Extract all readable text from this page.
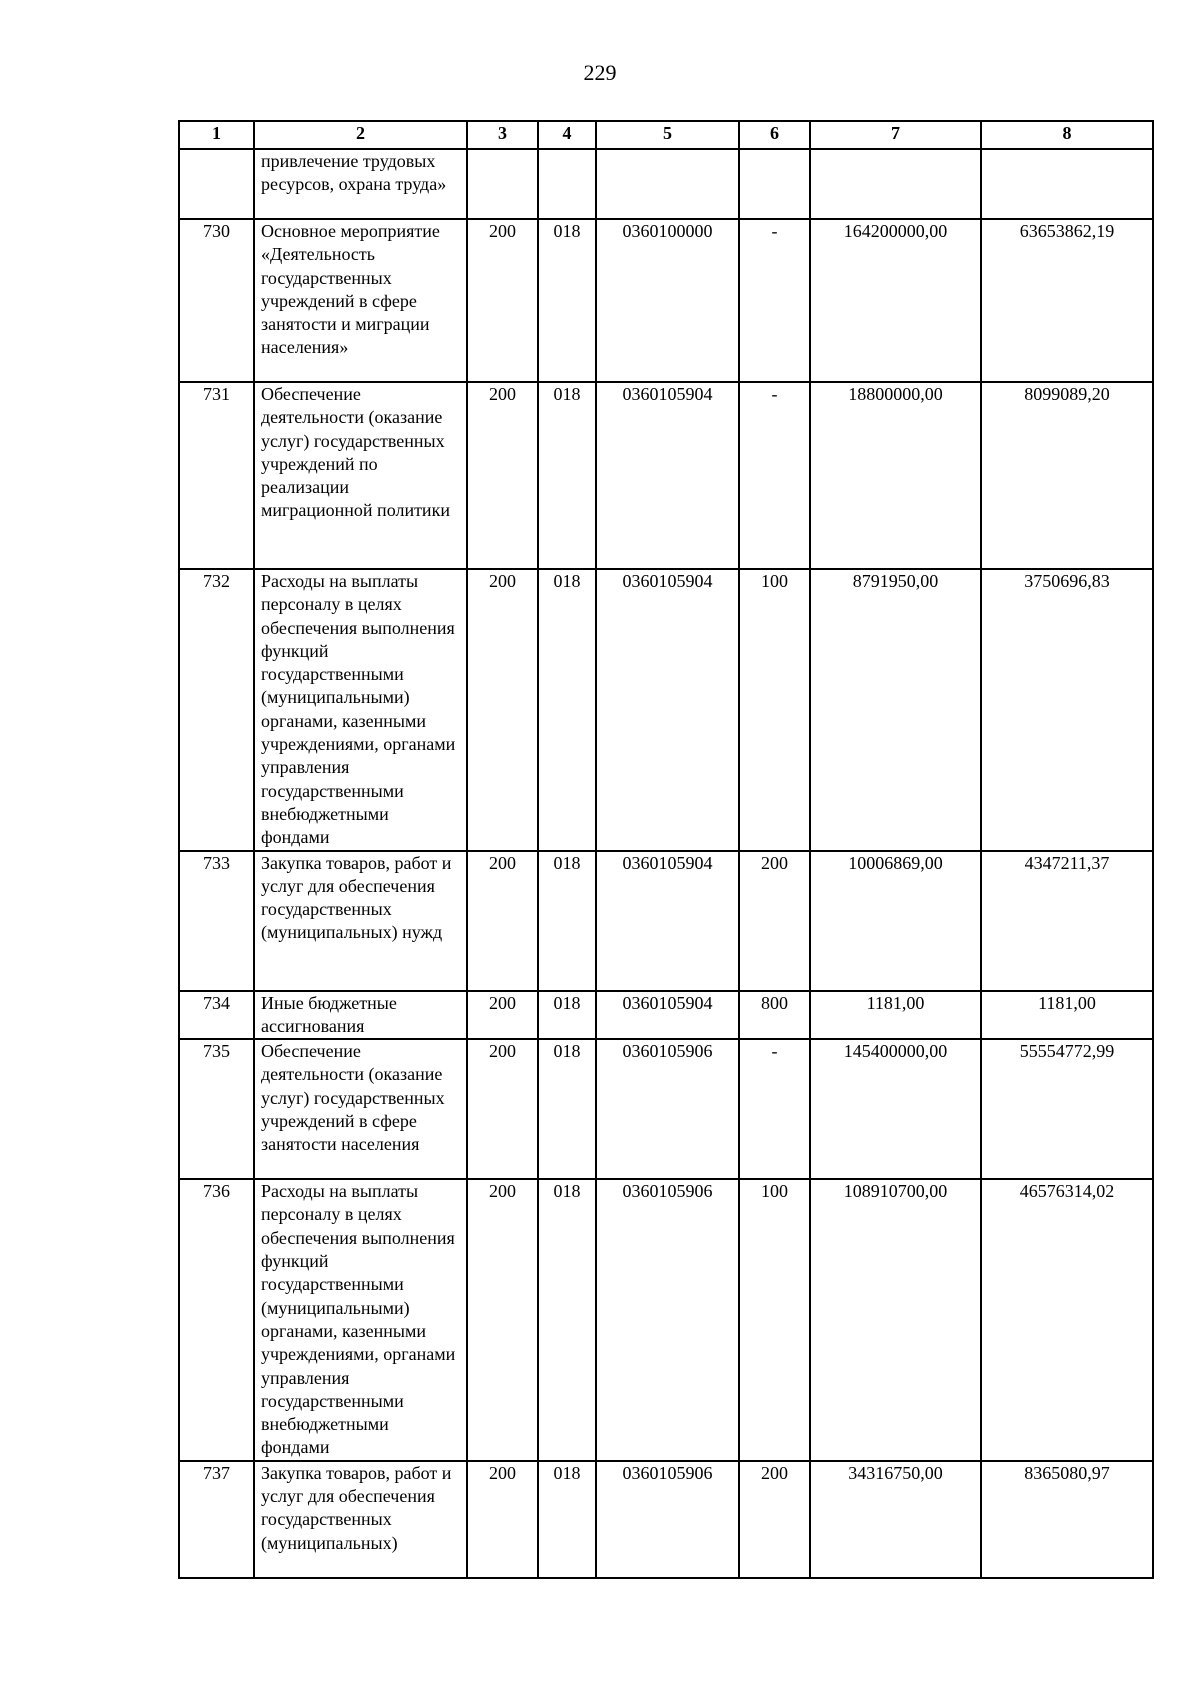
229
1	2	3	4	5	6	7	8
	привлечение трудовых ресурсов, охрана труда»						
730	Основное мероприятие «Деятельность государственных учреждений в сфере занятости и миграции населения»	200	018	0360100000	-	164200000,00	63653862,19
731	Обеспечение деятельности (оказание услуг) государственных учреждений по реализации миграционной политики	200	018	0360105904	-	18800000,00	8099089,20
732	Расходы на выплаты персоналу в целях обеспечения выполнения функций государственными (муниципальными) органами, казенными учреждениями, органами управления государственными внебюджетными фондами	200	018	0360105904	100	8791950,00	3750696,83
733	Закупка товаров, работ и услуг для обеспечения государственных (муниципальных) нужд	200	018	0360105904	200	10006869,00	4347211,37
734	Иные бюджетные ассигнования	200	018	0360105904	800	1181,00	1181,00
735	Обеспечение деятельности (оказание услуг) государственных учреждений в сфере занятости населения	200	018	0360105906	-	145400000,00	55554772,99
736	Расходы на выплаты персоналу в целях обеспечения выполнения функций государственными (муниципальными) органами, казенными учреждениями, органами управления государственными внебюджетными фондами	200	018	0360105906	100	108910700,00	46576314,02
737	Закупка товаров, работ и услуг для обеспечения государственных (муниципальных)	200	018	0360105906	200	34316750,00	8365080,97
